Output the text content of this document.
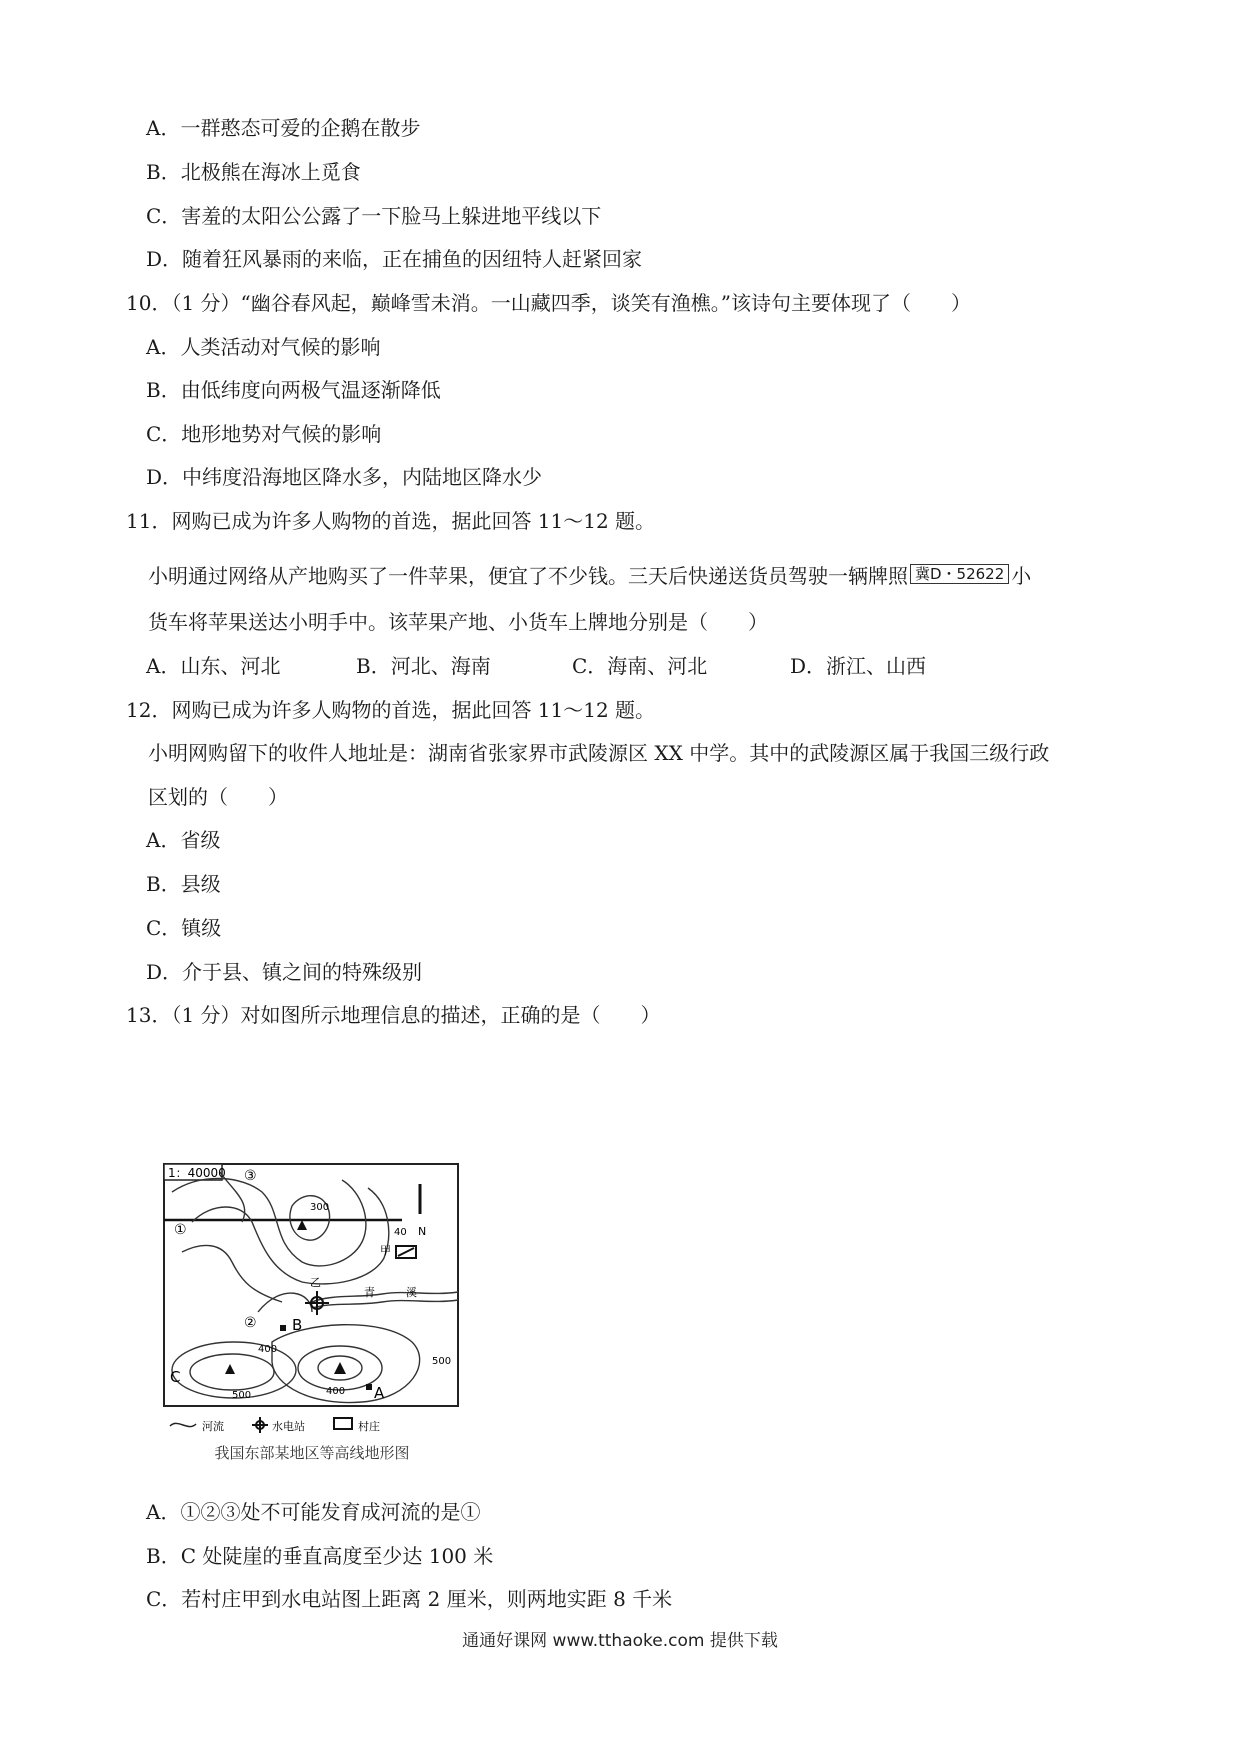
A．一群憨态可爱的企鹅在散步
B．北极熊在海冰上觅食
C．害羞的太阳公公露了一下脸马上躲进地平线以下
D．随着狂风暴雨的来临，正在捕鱼的因纽特人赶紧回家
10．（1 分）“幽谷春风起，巅峰雪未消。一山藏四季，谈笑有渔樵。”该诗句主要体现了（　　）
A．人类活动对气候的影响
B．由低纬度向两极气温逐渐降低
C．地形地势对气候的影响
D．中纬度沿海地区降水多，内陆地区降水少
11．网购已成为许多人购物的首选，据此回答 11～12 题。
小明通过网络从产地购买了一件苹果，便宜了不少钱。三天后快递送货员驾驶一辆牌照 冀D・52622 小
货车将苹果送达小明手中。该苹果产地、小货车上牌地分别是（　　）
A．山东、河北	B．河北、海南	C．海南、河北	D．浙江、山西
12．网购已成为许多人购物的首选，据此回答 11～12 题。
小明网购留下的收件人地址是：湖南省张家界市武陵源区 XX 中学。其中的武陵源区属于我国三级行政
区划的（　　）
A．省级
B．县级
C．镇级
D．介于县、镇之间的特殊级别
13．（1 分）对如图所示地理信息的描述，正确的是（　　）
1：40000
40 N
①
②
③
300
400
400
500
500
甲
乙
青	溪
B
A
C
河流	水电站	村庄
我国东部某地区等高线地形图
A．①②③处不可能发育成河流的是①
B．C 处陡崖的垂直高度至少达 100 米
C．若村庄甲到水电站图上距离 2 厘米，则两地实距 8 千米
通通好课网 www.tthaoke.com 提供下载
